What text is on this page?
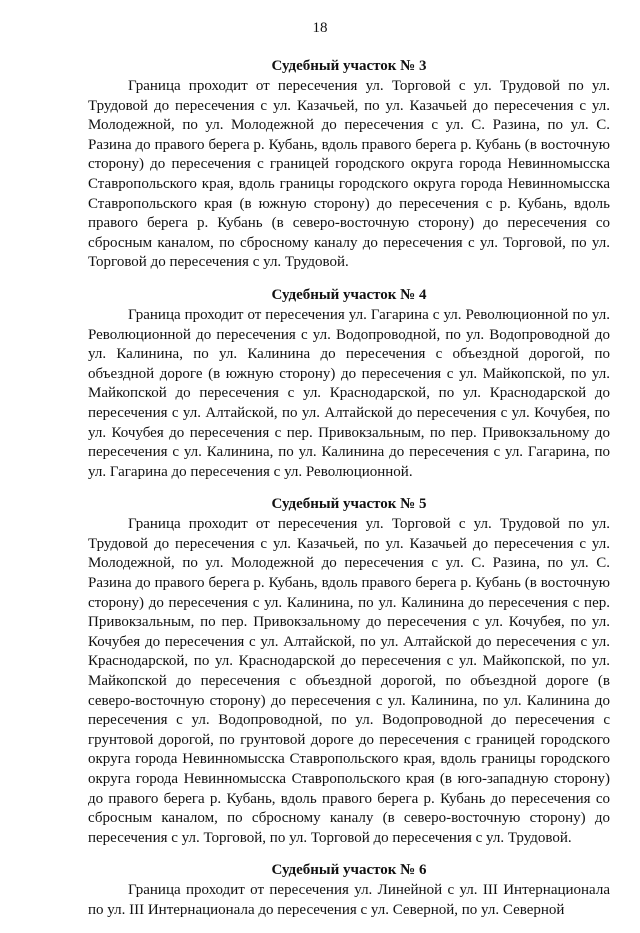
18
Судебный участок № 3

Граница проходит от пересечения ул. Торговой с ул. Трудовой по ул. Трудовой до пересечения с ул. Казачьей, по ул. Казачьей до пересечения с ул. Молодежной, по ул. Молодежной до пересечения с ул. С. Разина, по ул. С. Разина до правого берега р. Кубань, вдоль правого берега р. Кубань (в восточную сторону) до пересечения с границей городского округа города Невинномысска Ставропольского края, вдоль границы городского округа города Невинномысска Ставропольского края (в южную сторону) до пересечения с р. Кубань, вдоль правого берега р. Кубань (в северо-восточную сторону) до пересечения со сбросным каналом, по сбросному каналу до пересечения с ул. Торговой, по ул. Торговой до пересечения с ул. Трудовой.

Судебный участок № 4

Граница проходит от пересечения ул. Гагарина с ул. Революционной по ул. Революционной до пересечения с ул. Водопроводной, по ул. Водопроводной до ул. Калинина, по ул. Калинина до пересечения с объездной дорогой, по объездной дороге (в южную сторону) до пересечения с ул. Майкопской, по ул. Майкопской до пересечения с ул. Краснодарской, по ул. Краснодарской до пересечения с ул. Алтайской, по ул. Алтайской до пересечения с ул. Кочубея, по ул. Кочубея до пересечения с пер. Привокзальным, по пер. Привокзальному до пересечения с ул. Калинина, по ул. Калинина до пересечения с ул. Гагарина, по ул. Гагарина до пересечения с ул. Революционной.

Судебный участок № 5

Граница проходит от пересечения ул. Торговой с ул. Трудовой по ул. Трудовой до пересечения с ул. Казачьей, по ул. Казачьей до пересечения с ул. Молодежной, по ул. Молодежной до пересечения с ул. С. Разина, по ул. С. Разина до правого берега р. Кубань, вдоль правого берега р. Кубань (в восточную сторону) до пересечения с ул. Калинина, по ул. Калинина до пересечения с пер. Привокзальным, по пер. Привокзальному до пересечения с ул. Кочубея, по ул. Кочубея до пересечения с ул. Алтайской, по ул. Алтайской до пересечения с ул. Краснодарской, по ул. Краснодарской до пересечения с ул. Майкопской, по ул. Майкопской до пересечения с объездной дорогой, по объездной дороге (в северо-восточную сторону) до пересечения с ул. Калинина, по ул. Калинина до пересечения с ул. Водопроводной, по ул. Водопроводной до пересечения с грунтовой дорогой, по грунтовой дороге до пересечения с границей городского округа города Невинномысска Ставропольского края, вдоль границы городского округа города Невинномысска Ставропольского края (в юго-западную сторону) до правого берега р. Кубань, вдоль правого берега р. Кубань до пересечения со сбросным каналом, по сбросному каналу (в северо-восточную сторону) до пересечения с ул. Торговой, по ул. Торговой до пересечения с ул. Трудовой.

Судебный участок № 6

Граница проходит от пересечения ул. Линейной с ул. III Интернационала по ул. III Интернационала до пересечения с ул. Северной, по ул. Северной
